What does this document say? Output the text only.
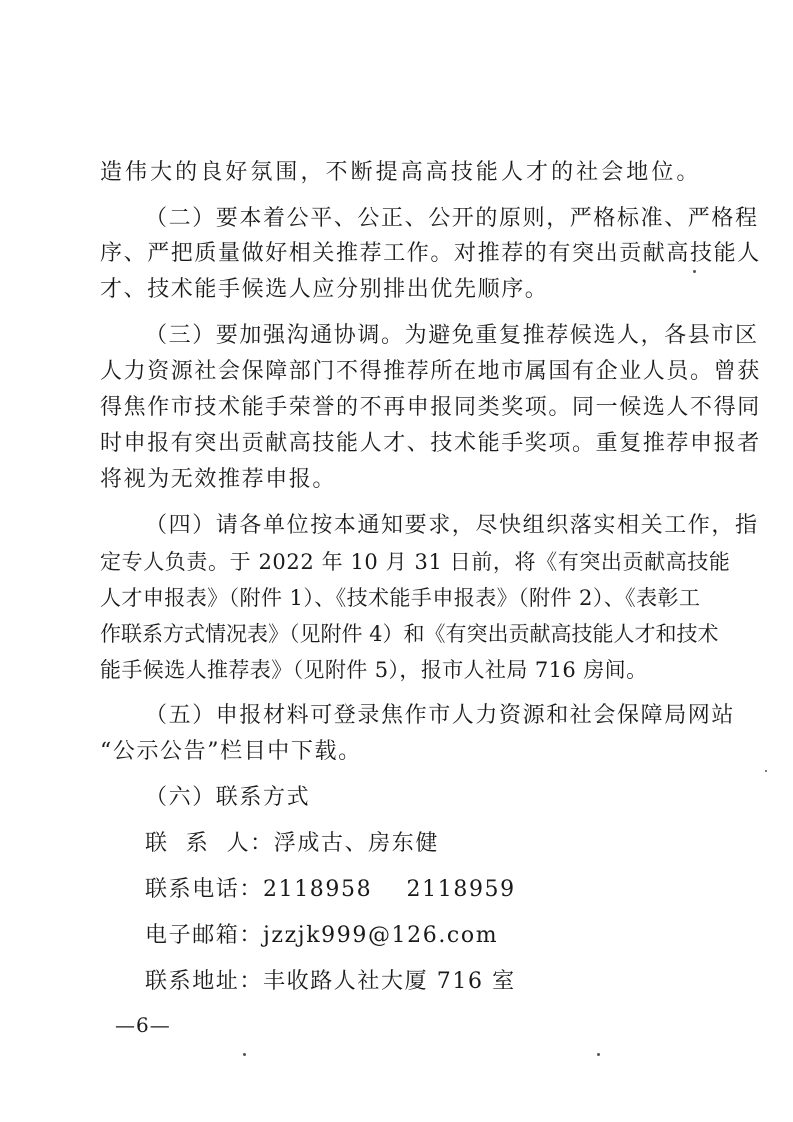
造伟大的良好氛围，不断提高高技能人才的社会地位。
（二）要本着公平、公正、公开的原则，严格标准、严格程
序、严把质量做好相关推荐工作。对推荐的有突出贡献高技能人
才、技术能手候选人应分别排出优先顺序。
（三）要加强沟通协调。为避免重复推荐候选人，各县市区
人力资源社会保障部门不得推荐所在地市属国有企业人员。曾获
得焦作市技术能手荣誉的不再申报同类奖项。同一候选人不得同
时申报有突出贡献高技能人才、技术能手奖项。重复推荐申报者
将视为无效推荐申报。
（四）请各单位按本通知要求，尽快组织落实相关工作，指
定专人负责。于 2022 年 10 月 31 日前，将《有突出贡献高技能
人才申报表》（附件 1）、《技术能手申报表》（附件 2）、《表彰工
作联系方式情况表》（见附件 4）和《有突出贡献高技能人才和技术
能手候选人推荐表》（见附件 5），报市人社局 716 房间。
（五）申报材料可登录焦作市人力资源和社会保障局网站
“公示公告”栏目中下载。
（六）联系方式
联  系  人：浮成古、房东健
联系电话：2118958    2118959
电子邮箱：jzzjk999@126.com
联系地址：丰收路人社大厦 716 室
—6—
